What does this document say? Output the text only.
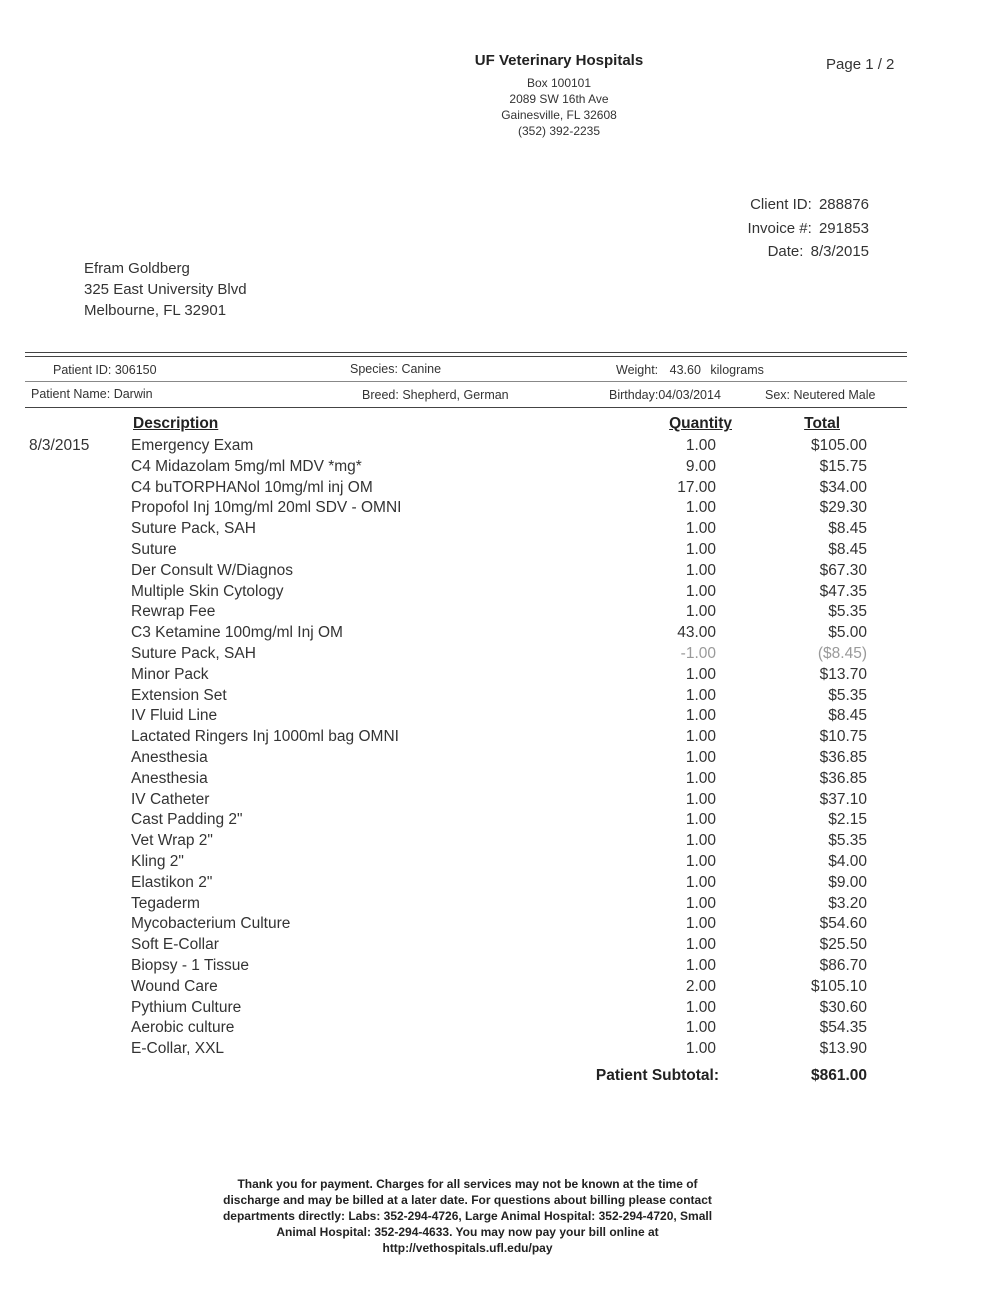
UF Veterinary Hospitals
Box 100101
2089 SW 16th Ave
Gainesville, FL 32608
(352) 392-2235
Page 1 / 2
Client ID: 288876
Invoice #: 291853
Date: 8/3/2015
Efram Goldberg
325 East University Blvd
Melbourne, FL 32901
Patient ID: 306150	Species: Canine	Weight: 43.60 kilograms
Patient Name: Darwin	Breed: Shepherd, German	Birthday:04/03/2014	Sex: Neutered Male
Description	Quantity	Total
8/3/2015	Emergency Exam	1.00	$105.00
C4 Midazolam 5mg/ml MDV *mg*	9.00	$15.75
C4 buTORPHANol 10mg/ml inj OM	17.00	$34.00
Propofol Inj 10mg/ml 20ml SDV - OMNI	1.00	$29.30
Suture Pack, SAH	1.00	$8.45
Suture	1.00	$8.45
Der Consult W/Diagnos	1.00	$67.30
Multiple Skin Cytology	1.00	$47.35
Rewrap Fee	1.00	$5.35
C3 Ketamine 100mg/ml Inj OM	43.00	$5.00
Suture Pack, SAH	-1.00	($8.45)
Minor Pack	1.00	$13.70
Extension Set	1.00	$5.35
IV Fluid Line	1.00	$8.45
Lactated Ringers Inj 1000ml bag OMNI	1.00	$10.75
Anesthesia	1.00	$36.85
Anesthesia	1.00	$36.85
IV Catheter	1.00	$37.10
Cast Padding 2"	1.00	$2.15
Vet Wrap 2"	1.00	$5.35
Kling 2"	1.00	$4.00
Elastikon 2"	1.00	$9.00
Tegaderm	1.00	$3.20
Mycobacterium Culture	1.00	$54.60
Soft E-Collar	1.00	$25.50
Biopsy - 1 Tissue	1.00	$86.70
Wound Care	2.00	$105.10
Pythium Culture	1.00	$30.60
Aerobic culture	1.00	$54.35
E-Collar, XXL	1.00	$13.90
Patient Subtotal:	$861.00
Thank you for payment. Charges for all services may not be known at the time of
discharge and may be billed at a later date. For questions about billing please contact
departments directly: Labs: 352-294-4726, Large Animal Hospital: 352-294-4720, Small
Animal Hospital: 352-294-4633. You may now pay your bill online at
http://vethospitals.ufl.edu/pay
